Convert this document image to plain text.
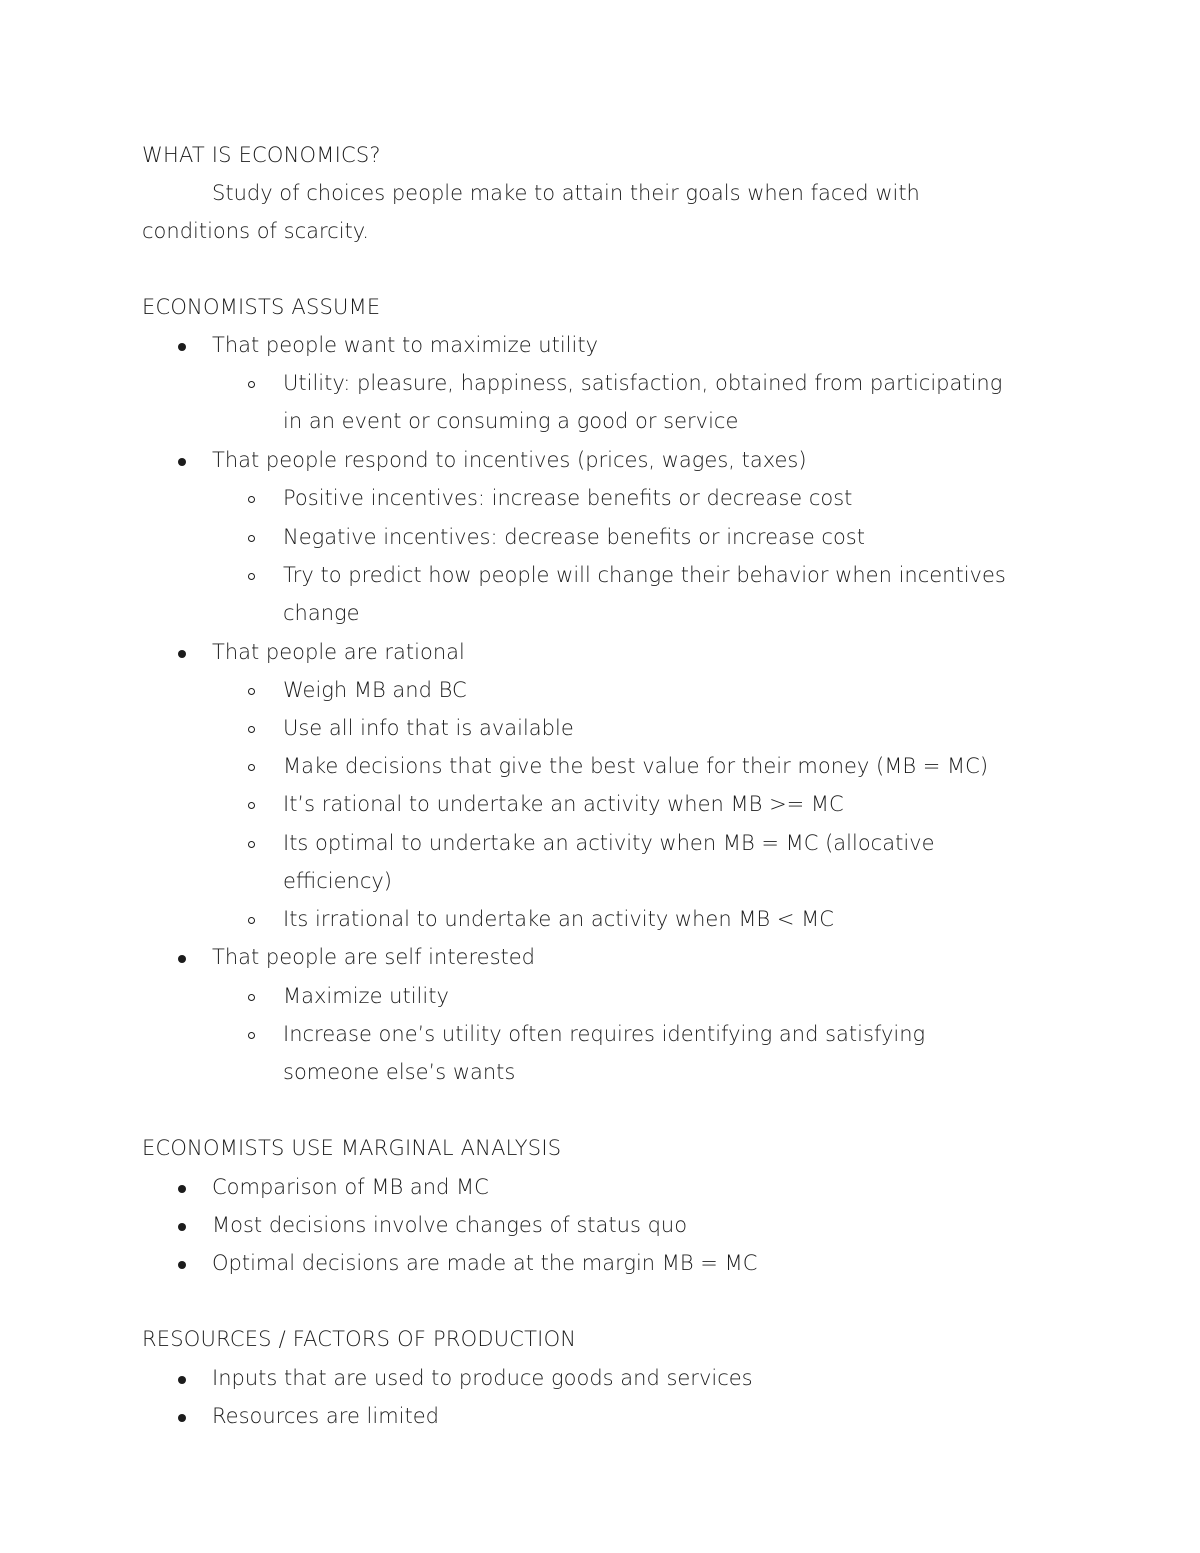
WHAT IS ECONOMICS?
Study of choices people make to attain their goals when faced with
conditions of scarcity.
ECONOMISTS ASSUME
That people want to maximize utility
Utility: pleasure, happiness, satisfaction, obtained from participating
in an event or consuming a good or service
That people respond to incentives (prices, wages, taxes)
Positive incentives: increase benefits or decrease cost
Negative incentives: decrease benefits or increase cost
Try to predict how people will change their behavior when incentives
change
That people are rational
Weigh MB and BC
Use all info that is available
Make decisions that give the best value for their money (MB = MC)
It’s rational to undertake an activity when MB >= MC
Its optimal to undertake an activity when MB = MC (allocative
efficiency)
Its irrational to undertake an activity when MB < MC
That people are self interested
Maximize utility
Increase one’s utility often requires identifying and satisfying
someone else’s wants
ECONOMISTS USE MARGINAL ANALYSIS
Comparison of MB and MC
Most decisions involve changes of status quo
Optimal decisions are made at the margin MB = MC
RESOURCES / FACTORS OF PRODUCTION
Inputs that are used to produce goods and services
Resources are limited
